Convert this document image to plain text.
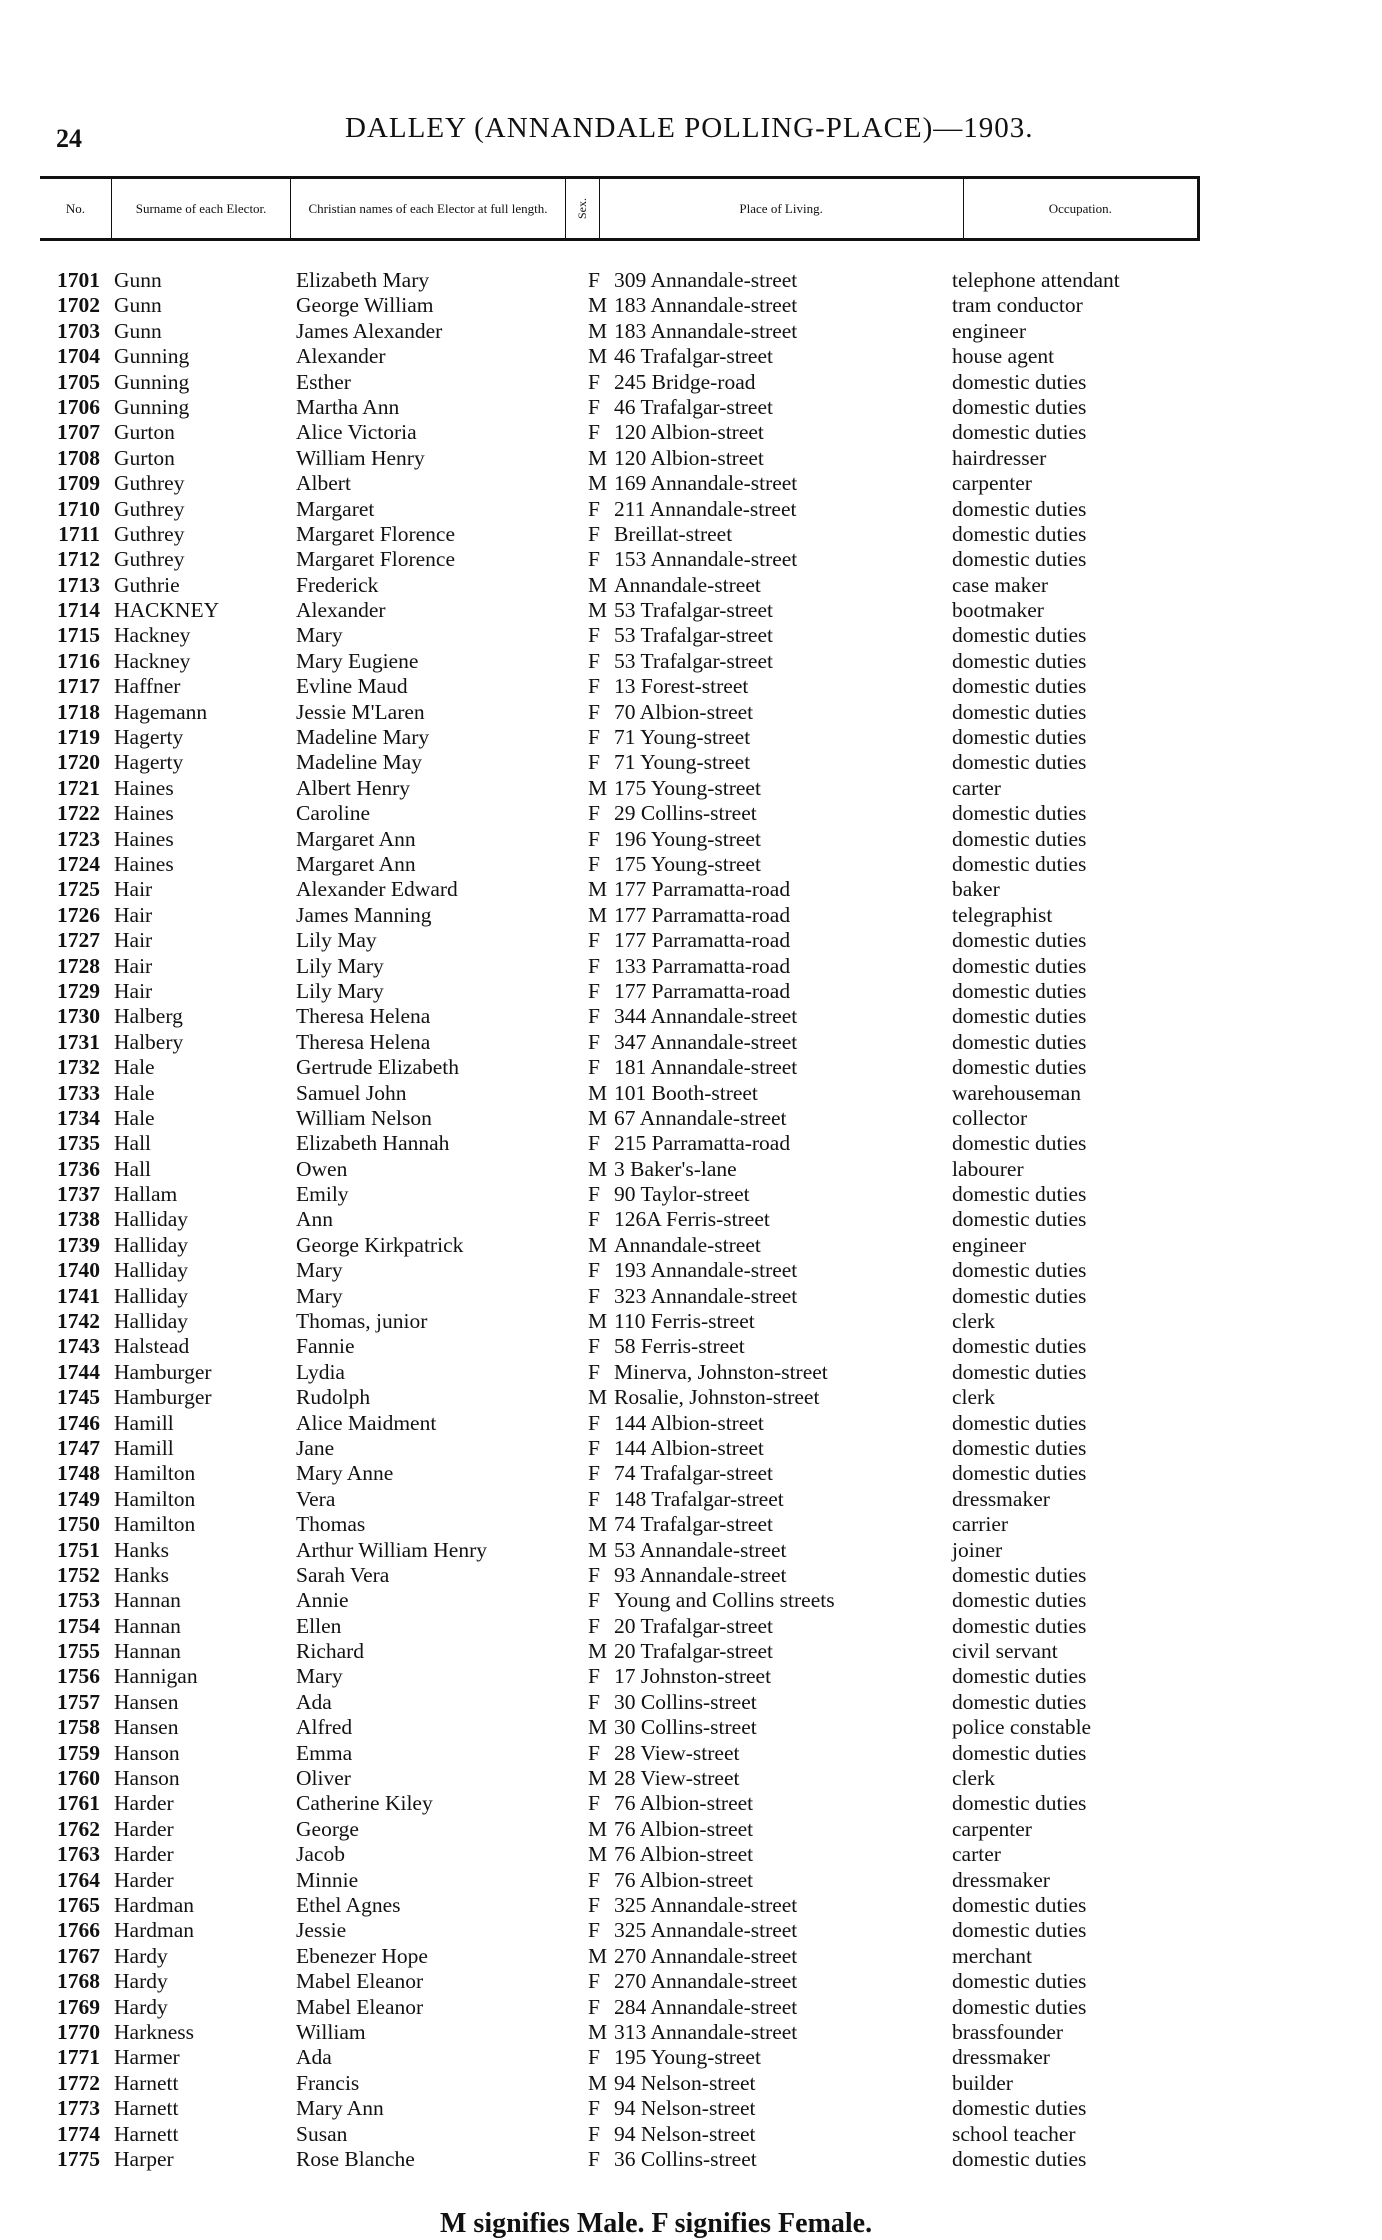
24	DALLEY (ANNANDALE POLLING-PLACE)—1903.
No.	Surname of each Elector.	Christian names of each Elector at full length.	Sex.	Place of Living.	Occupation.
1701 Gunn	Elizabeth Mary	F 309 Annandale-street	telephone attendant
1702 Gunn	George William	M 183 Annandale-street	tram conductor
1703 Gunn	James Alexander	M 183 Annandale-street	engineer
1704 Gunning	Alexander	M 46 Trafalgar-street	house agent
1705 Gunning	Esther	F 245 Bridge-road	domestic duties
1706 Gunning	Martha Ann	F 46 Trafalgar-street	domestic duties
1707 Gurton	Alice Victoria	F 120 Albion-street	domestic duties
1708 Gurton	William Henry	M 120 Albion-street	hairdresser
1709 Guthrey	Albert	M 169 Annandale-street	carpenter
1710 Guthrey	Margaret	F 211 Annandale-street	domestic duties
1711 Guthrey	Margaret Florence	F Breillat-street	domestic duties
1712 Guthrey	Margaret Florence	F 153 Annandale-street	domestic duties
1713 Guthrie	Frederick	M Annandale-street	case maker
1714 HACKNEY	Alexander	M 53 Trafalgar-street	bootmaker
1715 Hackney	Mary	F 53 Trafalgar-street	domestic duties
1716 Hackney	Mary Eugiene	F 53 Trafalgar-street	domestic duties
1717 Haffner	Evline Maud	F 13 Forest-street	domestic duties
1718 Hagemann	Jessie M'Laren	F 70 Albion-street	domestic duties
1719 Hagerty	Madeline Mary	F 71 Young-street	domestic duties
1720 Hagerty	Madeline May	F 71 Young-street	domestic duties
1721 Haines	Albert Henry	M 175 Young-street	carter
1722 Haines	Caroline	F 29 Collins-street	domestic duties
1723 Haines	Margaret Ann	F 196 Young-street	domestic duties
1724 Haines	Margaret Ann	F 175 Young-street	domestic duties
1725 Hair	Alexander Edward	M 177 Parramatta-road	baker
1726 Hair	James Manning	M 177 Parramatta-road	telegraphist
1727 Hair	Lily May	F 177 Parramatta-road	domestic duties
1728 Hair	Lily Mary	F 133 Parramatta-road	domestic duties
1729 Hair	Lily Mary	F 177 Parramatta-road	domestic duties
1730 Halberg	Theresa Helena	F 344 Annandale-street	domestic duties
1731 Halbery	Theresa Helena	F 347 Annandale-street	domestic duties
1732 Hale	Gertrude Elizabeth	F 181 Annandale-street	domestic duties
1733 Hale	Samuel John	M 101 Booth-street	warehouseman
1734 Hale	William Nelson	M 67 Annandale-street	collector
1735 Hall	Elizabeth Hannah	F 215 Parramatta-road	domestic duties
1736 Hall	Owen	M 3 Baker's-lane	labourer
1737 Hallam	Emily	F 90 Taylor-street	domestic duties
1738 Halliday	Ann	F 126A Ferris-street	domestic duties
1739 Halliday	George Kirkpatrick	M Annandale-street	engineer
1740 Halliday	Mary	F 193 Annandale-street	domestic duties
1741 Halliday	Mary	F 323 Annandale-street	domestic duties
1742 Halliday	Thomas, junior	M 110 Ferris-street	clerk
1743 Halstead	Fannie	F 58 Ferris-street	domestic duties
1744 Hamburger	Lydia	F Minerva, Johnston-street	domestic duties
1745 Hamburger	Rudolph	M Rosalie, Johnston-street	clerk
1746 Hamill	Alice Maidment	F 144 Albion-street	domestic duties
1747 Hamill	Jane	F 144 Albion-street	domestic duties
1748 Hamilton	Mary Anne	F 74 Trafalgar-street	domestic duties
1749 Hamilton	Vera	F 148 Trafalgar-street	dressmaker
1750 Hamilton	Thomas	M 74 Trafalgar-street	carrier
1751 Hanks	Arthur William Henry	M 53 Annandale-street	joiner
1752 Hanks	Sarah Vera	F 93 Annandale-street	domestic duties
1753 Hannan	Annie	F Young and Collins streets	domestic duties
1754 Hannan	Ellen	F 20 Trafalgar-street	domestic duties
1755 Hannan	Richard	M 20 Trafalgar-street	civil servant
1756 Hannigan	Mary	F 17 Johnston-street	domestic duties
1757 Hansen	Ada	F 30 Collins-street	domestic duties
1758 Hansen	Alfred	M 30 Collins-street	police constable
1759 Hanson	Emma	F 28 View-street	domestic duties
1760 Hanson	Oliver	M 28 View-street	clerk
1761 Harder	Catherine Kiley	F 76 Albion-street	domestic duties
1762 Harder	George	M 76 Albion-street	carpenter
1763 Harder	Jacob	M 76 Albion-street	carter
1764 Harder	Minnie	F 76 Albion-street	dressmaker
1765 Hardman	Ethel Agnes	F 325 Annandale-street	domestic duties
1766 Hardman	Jessie	F 325 Annandale-street	domestic duties
1767 Hardy	Ebenezer Hope	M 270 Annandale-street	merchant
1768 Hardy	Mabel Eleanor	F 270 Annandale-street	domestic duties
1769 Hardy	Mabel Eleanor	F 284 Annandale-street	domestic duties
1770 Harkness	William	M 313 Annandale-street	brassfounder
1771 Harmer	Ada	F 195 Young-street	dressmaker
1772 Harnett	Francis	M 94 Nelson-street	builder
1773 Harnett	Mary Ann	F 94 Nelson-street	domestic duties
1774 Harnett	Susan	F 94 Nelson-street	school teacher
1775 Harper	Rose Blanche	F 36 Collins-street	domestic duties
M signifies Male. F signifies Female.
